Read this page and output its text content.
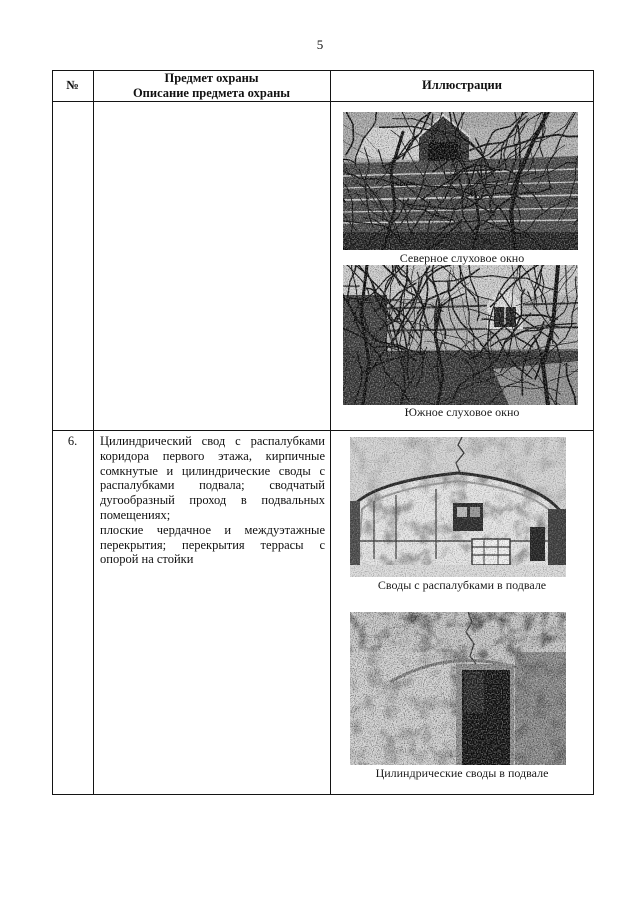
5
№
Предмет охраны
Описание предмета охраны
Иллюстрации
Северное слуховое окно
Южное слуховое окно
6.	Цилиндрический свод с распалубками коридора первого этажа, кирпичные сомкнутые и цилиндрические своды с распалубками подвала; сводчатый дугообразный проход в подвальных помещениях;

плоские чердачное и междуэтажные перекрытия; перекрытия террасы с опорой на стойки

Своды с распалубками в подвале
Цилиндрические своды в подвале
